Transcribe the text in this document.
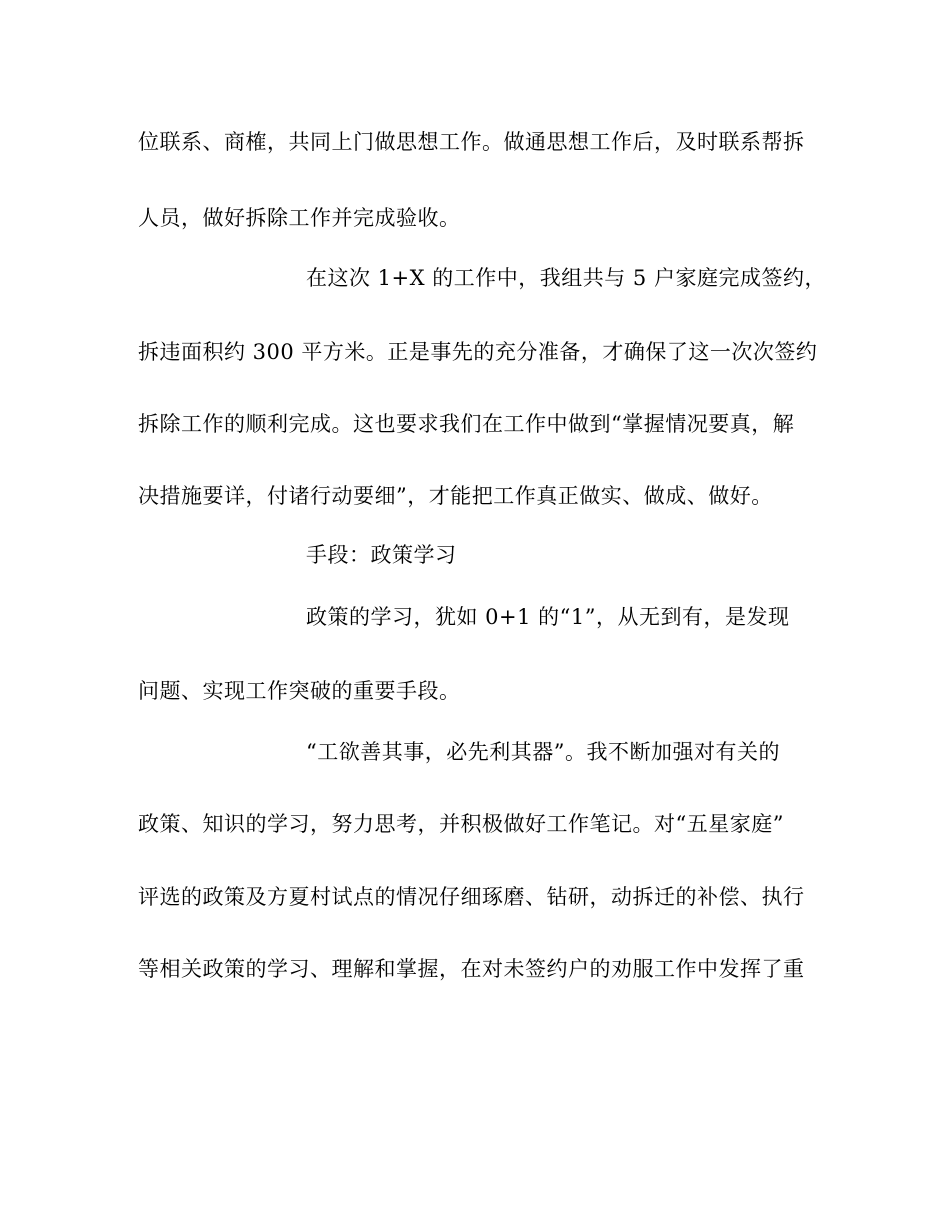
位联系、商榷，共同上门做思想工作。做通思想工作后，及时联系帮拆
人员，做好拆除工作并完成验收。
在这次 1+X 的工作中，我组共与 5 户家庭完成签约，
拆违面积约 300 平方米。正是事先的充分准备，才确保了这一次次签约
拆除工作的顺利完成。这也要求我们在工作中做到“掌握情况要真，解
决措施要详，付诸行动要细”，才能把工作真正做实、做成、做好。
手段：政策学习
政策的学习，犹如 0+1 的“1”，从无到有，是发现
问题、实现工作突破的重要手段。
“工欲善其事，必先利其器”。我不断加强对有关的
政策、知识的学习，努力思考，并积极做好工作笔记。对“五星家庭”
评选的政策及方夏村试点的情况仔细琢磨、钻研，动拆迁的补偿、执行
等相关政策的学习、理解和掌握，在对未签约户的劝服工作中发挥了重
